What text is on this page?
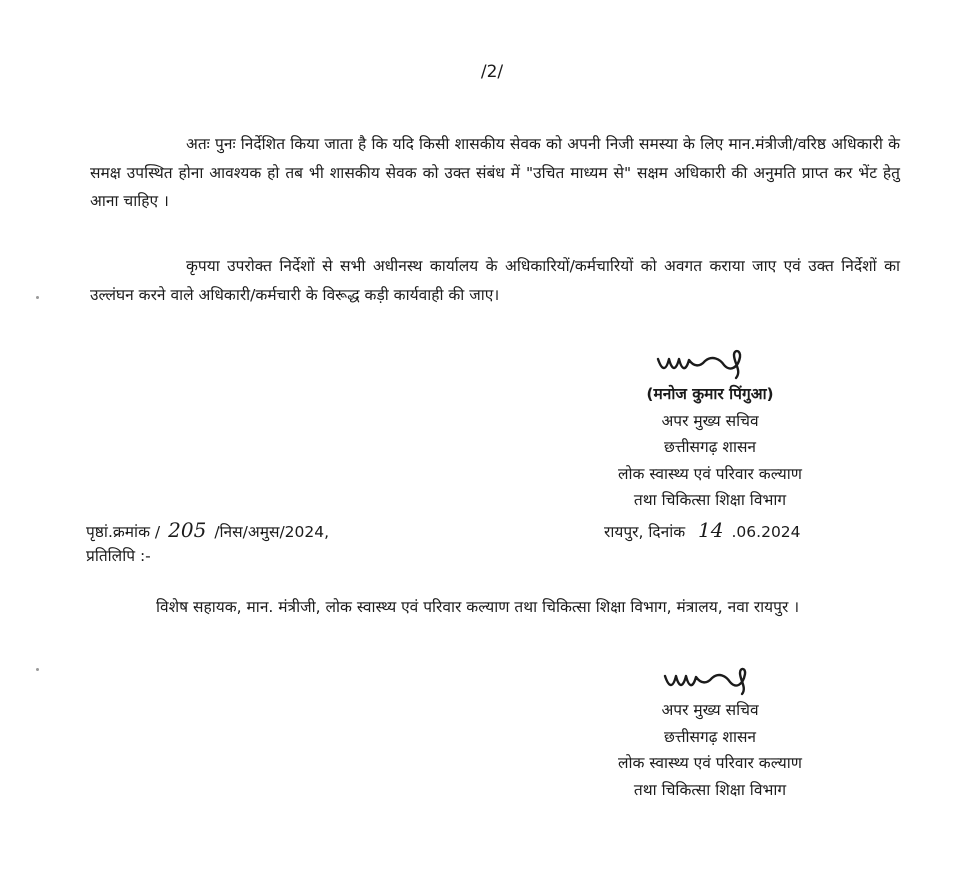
/2/

अतः पुनः निर्देशित किया जाता है कि यदि किसी शासकीय सेवक को अपनी निजी समस्या के लिए मान.मंत्रीजी/वरिष्ठ अधिकारी के समक्ष उपस्थित होना आवश्यक हो तब भी शासकीय सेवक को उक्त संबंध में "उचित माध्यम से" सक्षम अधिकारी की अनुमति प्राप्त कर भेंट हेतु आना चाहिए ।

कृपया उपरोक्त निर्देशों से सभी अधीनस्थ कार्यालय के अधिकारियों/कर्मचारियों को अवगत कराया जाए एवं उक्त निर्देशों का उल्लंघन करने वाले अधिकारी/कर्मचारी के विरूद्ध कड़ी कार्यवाही की जाए।

(मनोज कुमार पिंगुआ)
अपर मुख्य सचिव
छत्तीसगढ़ शासन
लोक स्वास्थ्य एवं परिवार कल्याण
तथा चिकित्सा शिक्षा विभाग
पृष्ठां.क्रमांक / 205 /निस/अमुस/2024,	रायपुर, दिनांक 14 .06.2024
प्रतिलिपि :-

विशेष सहायक, मान. मंत्रीजी, लोक स्वास्थ्य एवं परिवार कल्याण तथा चिकित्सा शिक्षा विभाग, मंत्रालय, नवा रायपुर ।

अपर मुख्य सचिव
छत्तीसगढ़ शासन
लोक स्वास्थ्य एवं परिवार कल्याण
तथा चिकित्सा शिक्षा विभाग
